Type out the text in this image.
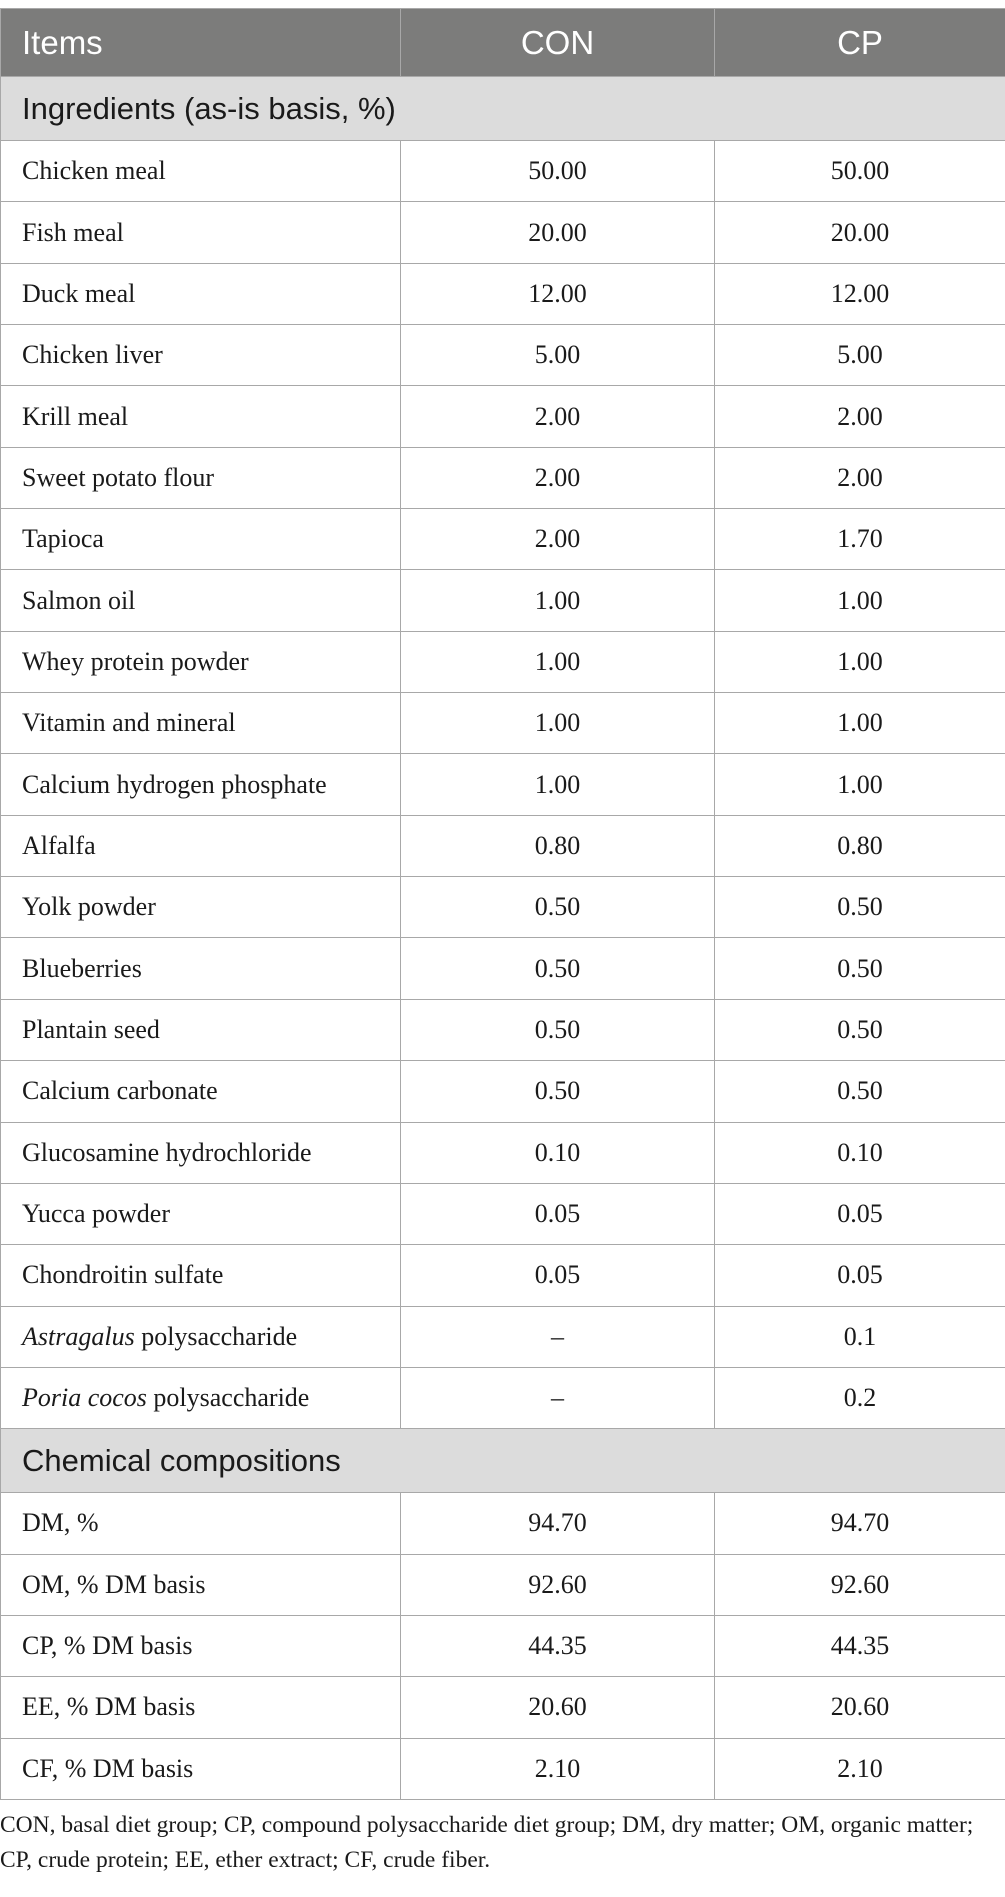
Items	CON	CP
Ingredients (as-is basis, %)		
Chicken meal	50.00	50.00
Fish meal	20.00	20.00
Duck meal	12.00	12.00
Chicken liver	5.00	5.00
Krill meal	2.00	2.00
Sweet potato flour	2.00	2.00
Tapioca	2.00	1.70
Salmon oil	1.00	1.00
Whey protein powder	1.00	1.00
Vitamin and mineral	1.00	1.00
Calcium hydrogen phosphate	1.00	1.00
Alfalfa	0.80	0.80
Yolk powder	0.50	0.50
Blueberries	0.50	0.50
Plantain seed	0.50	0.50
Calcium carbonate	0.50	0.50
Glucosamine hydrochloride	0.10	0.10
Yucca powder	0.05	0.05
Chondroitin sulfate	0.05	0.05
Astragalus polysaccharide	–	0.1
Poria cocos polysaccharide	–	0.2
Chemical compositions		
DM, %	94.70	94.70
OM, % DM basis	92.60	92.60
CP, % DM basis	44.35	44.35
EE, % DM basis	20.60	20.60
CF, % DM basis	2.10	2.10
CON, basal diet group; CP, compound polysaccharide diet group; DM, dry matter; OM, organic matter; CP, crude protein; EE, ether extract; CF, crude fiber.
